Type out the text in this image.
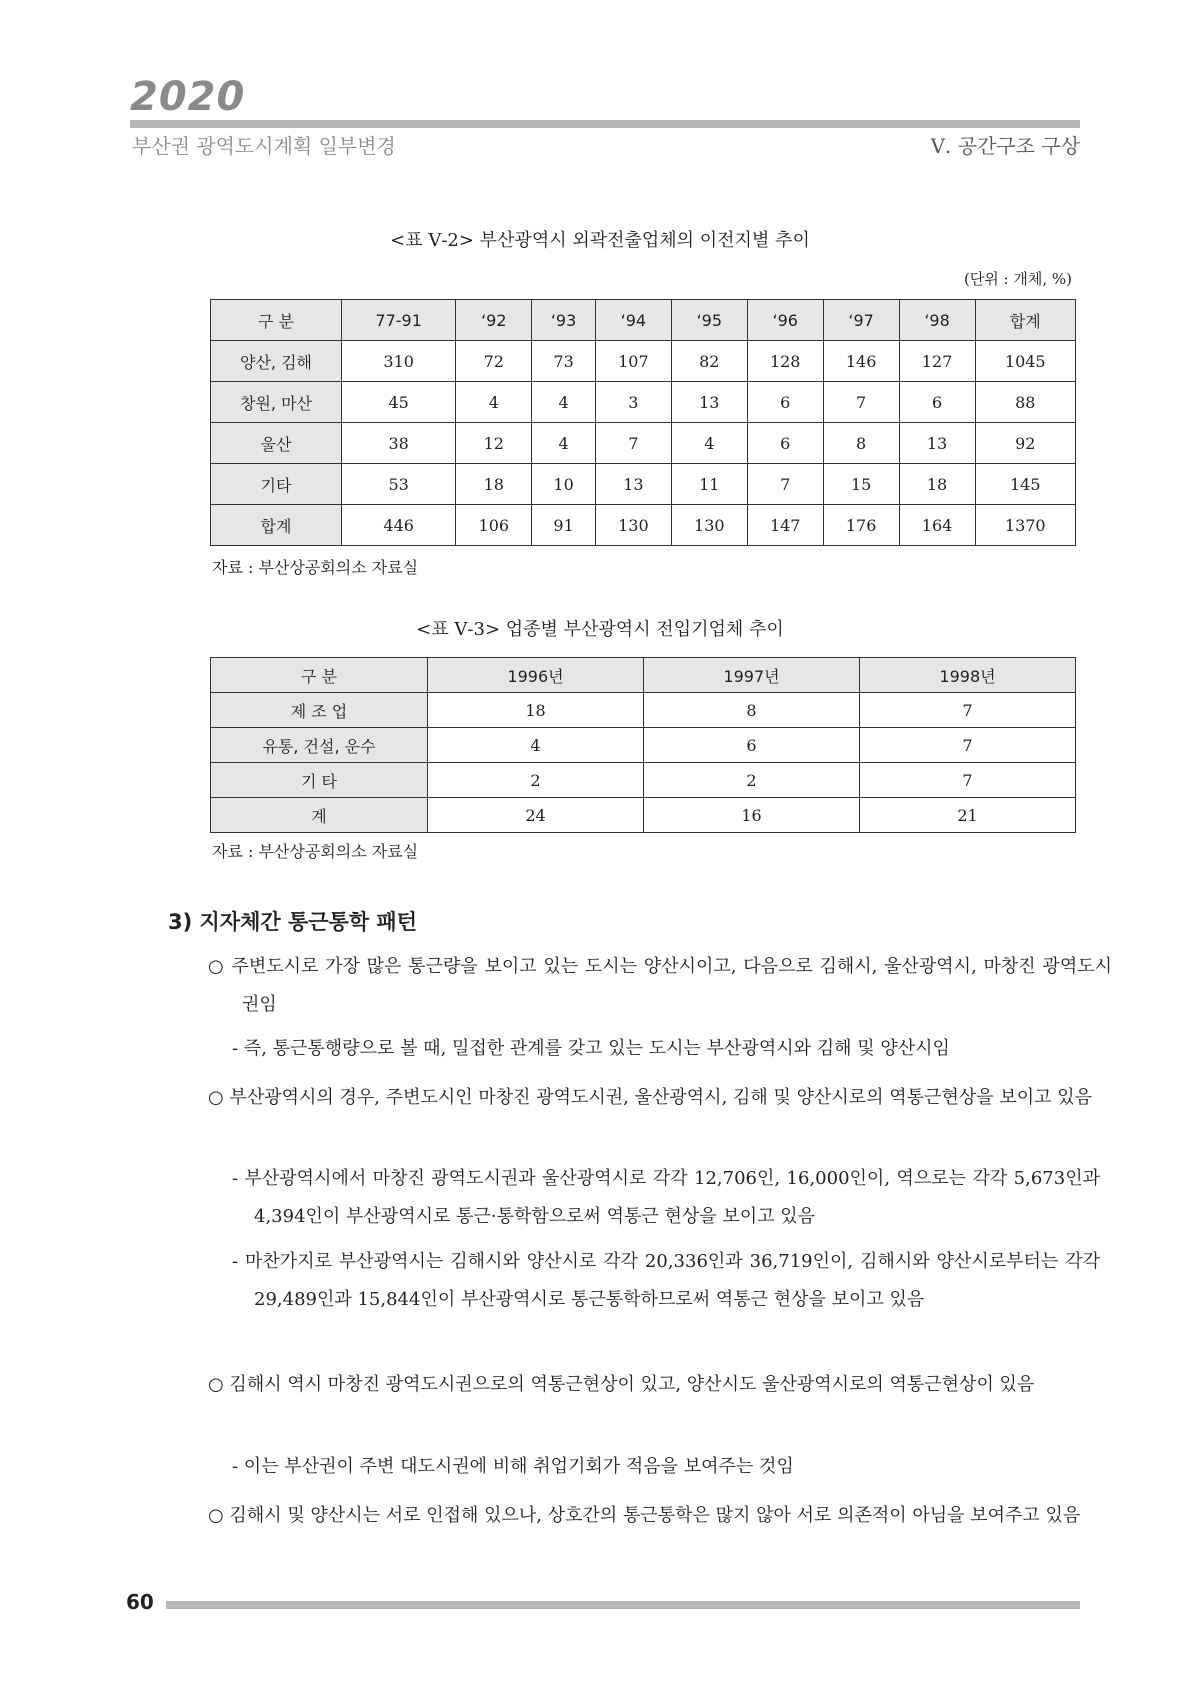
2020
부산권 광역도시계획 일부변경	Ⅴ. 공간구조 구상
<표 Ⅴ-2> 부산광역시 외곽전출업체의 이전지별 추이
(단위 : 개체, %)
구 분	77-91	‘92	‘93	‘94	‘95	‘96	‘97	‘98	합계
양산, 김해	310	72	73	107	82	128	146	127	1045
창원, 마산	45	4	4	3	13	6	7	6	88
울산	38	12	4	7	4	6	8	13	92
기타	53	18	10	13	11	7	15	18	145
합계	446	106	91	130	130	147	176	164	1370
자료 : 부산상공회의소 자료실
<표 Ⅴ-3> 업종별 부산광역시 전입기업체 추이
구 분	1996년	1997년	1998년
제 조 업	18	8	7
유통, 건설, 운수	4	6	7
기 타	2	2	7
계	24	16	21
자료 : 부산상공회의소 자료실
3) 지자체간 통근통학 패턴
○ 주변도시로 가장 많은 통근량을 보이고 있는 도시는 양산시이고, 다음으로 김해시, 울산광역시, 마창진 광역도시권임
- 즉, 통근통행량으로 볼 때, 밀접한 관계를 갖고 있는 도시는 부산광역시와 김해 및 양산시임
○ 부산광역시의 경우, 주변도시인 마창진 광역도시권, 울산광역시, 김해 및 양산시로의 역통근현상을 보이고 있음
- 부산광역시에서 마창진 광역도시권과 울산광역시로 각각 12,706인, 16,000인이, 역으로는 각각 5,673인과 4,394인이 부산광역시로 통근·통학함으로써 역통근 현상을 보이고 있음
- 마찬가지로 부산광역시는 김해시와 양산시로 각각 20,336인과 36,719인이, 김해시와 양산시로부터는 각각 29,489인과 15,844인이 부산광역시로 통근통학하므로써 역통근 현상을 보이고 있음
○ 김해시 역시 마창진 광역도시권으로의 역통근현상이 있고, 양산시도 울산광역시로의 역통근현상이 있음
- 이는 부산권이 주변 대도시권에 비해 취업기회가 적음을 보여주는 것임
○ 김해시 및 양산시는 서로 인접해 있으나, 상호간의 통근통학은 많지 않아 서로 의존적이 아님을 보여주고 있음
60
